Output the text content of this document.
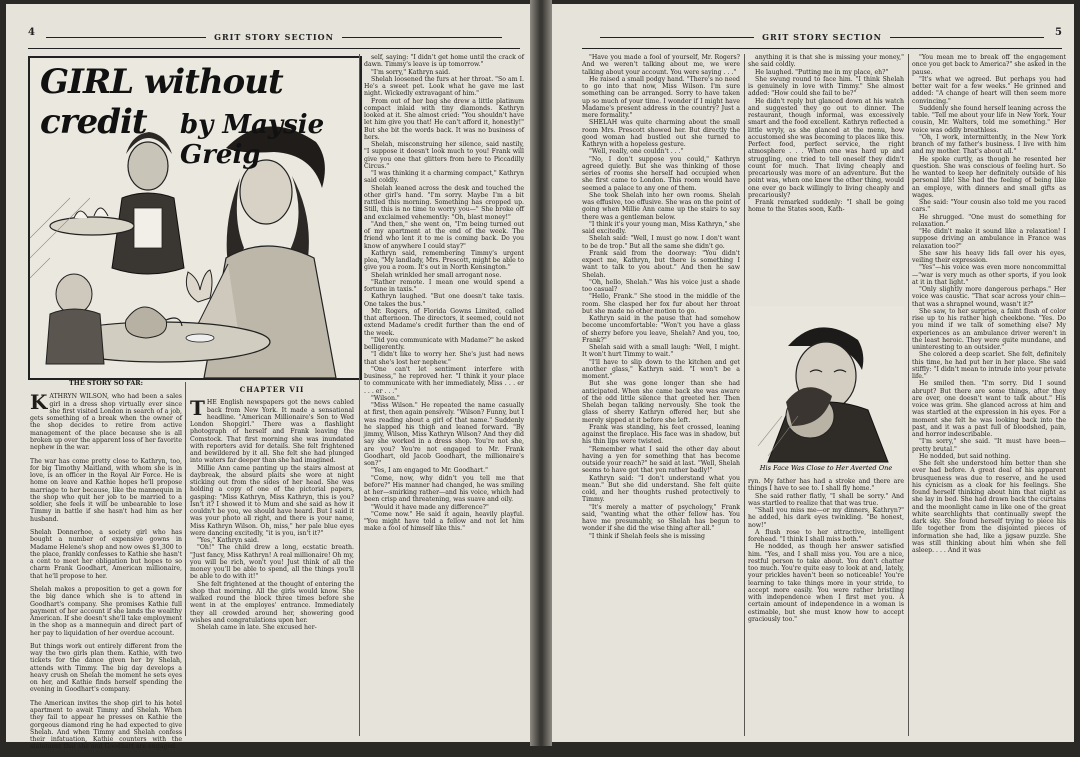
4	GRIT STORY SECTION
GIRL without credit	by Maysie Greig
THE STORY SO FAR:

KATHRYN WILSON, who had been a sales girl in a dress shop virtually ever since she first visited London in search of a job, gets something of a break when the owner of the shop decides to retire from active management of the place because she is all broken up over the apparent loss of her favorite nephew in the war.

The war has come pretty close to Kathryn, too, for big Timothy Maitland, with whom she is in love, is an officer in the Royal Air Force. He is home on leave and Kathie hopes he'll propose marriage to her because, like the mannequin in the shop who quit her job to be married to a soldier, she feels it will be unbearable to lose Timmy in battle if she hasn't had him as her husband.

Shelah Donnerhoe, a society girl who has bought a number of expensive gowns in Madame Helene's shop and now owes $1,300 to the place, frankly confesses to Kathie she hasn't a cent to meet her obligation but hopes to so charm Frank Goodhart, American millionaire, that he'll propose to her.

Shelah makes a proposition to get a gown for the big dance which she is to attend in Goodhart's company. She promises Kathie full payment of her account if she lands the wealthy American. If she doesn't she'll take employment in the shop as a mannequin and direct part of her pay to liquidation of her overdue account.

But things work out entirely different from the way the two girls plan them. Kathie, with two tickets for the dance given her by Shelah, attends with Timmy. The big day develops a heavy crush on Shelah the moment he sets eyes on her, and Kathie finds herself spending the evening in Goodhart's company.

The American invites the shop girl to his hotel apartment to await Timmy and Shelah. When they fail to appear he presses on Kathie the gorgeous diamond ring he had expected to give Shelah. And when Timmy and Shelah confess their infatuation, Kathie counters with the statement that she and Goodhart are engaged.

CHAPTER VII

THE English newspapers got the news cabled back from New York. It made a sensational headline. "American Millionaire's Son to Wed London Shopgirl." There was a flashlight photograph of herself and Frank leaving the Comstock. That first morning she was inundated with reporters avid for details. She felt frightened and bewildered by it all. She felt she had plunged into waters far deeper than she had imagined.

Millie Ann came panting up the stairs almost at daybreak, the absurd plaits she wore at night sticking out from the sides of her head. She was holding a copy of one of the pictorial papers, gasping: "Miss Kathryn, Miss Kathryn, this is you? Isn't it? I showed it to Mum and she said as how it couldn't be you, we should have heard. But I said it was your photo all right, and there is your name, Miss Kathryn Wilson. Oh, miss," her pale blue eyes were dancing excitedly, "it is you, isn't it?"

"Yes," Kathryn said.

"Oh!" The child drew a long, ecstatic breath. "Just fancy, Miss Kathryn! A real millionaire! Oh my, you will be rich, won't you! Just think of all the money you'll be able to spend, all the things you'll be able to do with it!"

She felt frightened at the thought of entering the shop that morning. All the girls would know. She walked round the block three times before she went in at the employes' entrance. Immediately they all crowded around her, showering good wishes and congratulations upon her.

Shelah came in late. She excused her-

self, saying: "I didn't get home until the crack of dawn. Timmy's leave is up tomorrow."

"I'm sorry," Kathryn said.

Shelah loosened the furs at her throat. "So am I. He's a sweet pet. Look what he gave me last night. Wickedly extravagant of him."

From out of her bag she drew a little platinum compact inlaid with tiny diamonds. Kathryn looked at it. She almost cried: "You shouldn't have let him give you that! He can't afford it, honestly!" But she bit the words back. It was no business of hers.

Shelah, misconstruing her silence, said nastily, "I suppose it doesn't look much to you! Frank will give you one that glitters from here to Piccadilly Circus."

"I was thinking it a charming compact," Kathryn said coldly.

Shelah leaned across the desk and touched the other girl's hand. "I'm sorry. Maybe I'm a bit rattled this morning. Something has cropped up. Still, this is no time to worry you—" She broke off and exclaimed vehemently: "Oh, blast money!"

"And then," she went on, "I'm being turned out of my apartment at the end of the week. The friend who lent it to me is coming back. Do you know of anywhere I could stay?"

Kathryn said, remembering Timmy's urgent plea, "My landlady, Mrs. Prescott, might be able to give you a room. It's out in North Kensington."

Shelah wrinkled her small arrogant nose.

"Rather remote. I mean one would spend a fortune in taxis."

Kathryn laughed. "But one doesn't take taxis. One takes the bus."

Mr. Rogers, of Florida Gowns Limited, called that afternoon. The directors, it seemed, could not extend Madame's credit further than the end of the week.

"Did you communicate with Madame?" he asked belligerently.

"I didn't like to worry her. She's just had news that she's lost her nephew."

"One can't let sentiment interfere with business," he reproved her. "I think it your place to communicate with her immediately, Miss . . . er . . . er . . ."

"Wilson."

"Miss Wilson." He repeated the name casually at first, then again pensively. "Wilson? Funny, but I was reading about a girl of that name." Suddenly he slapped his thigh and leaned forward. "By jimmy, Wilson, Miss Kathryn Wilson? And they did say she worked in a dress shop. You're not she, are you? You're not engaged to Mr. Frank Goodhart, old Jacob Goodhart, the millionaire's son?"

"Yes, I am engaged to Mr. Goodhart."

"Come, now, why didn't you tell me that before?" His manner had changed, he was smiling at her—smirking rather—and his voice, which had been crisp and threatening, was suave and oily.

"Would it have made any difference?"

"Come now." He said it again, heavily playful. "You might have told a fellow and not let him make a fool of himself like this."

5
GRIT STORY SECTION

"Have you made a fool of yourself, Mr. Rogers? And we weren't talking about me, we were talking about your account. You were saying . . ."

He raised a small podgy hand. "There's no need to go into that now, Miss Wilson. I'm sure something can be arranged. Sorry to have taken up so much of your time. I wonder if I might have Madame's present address in the country? Just a mere formality."

SHELAH was quite charming about the small room Mrs. Prescott showed her. But directly the good woman had bustled out she turned to Kathryn with a hopeless gesture.

"Well, really, one couldn't . . ."

"No, I don't suppose you could," Kathryn agreed quietly. But she was thinking of those series of rooms she herself had occupied when she first came to London. This room would have seemed a palace to any one of them.

She took Shelah into her own rooms. Shelah was effusive, too effusive. She was on the point of going when Millie Ann came up the stairs to say there was a gentleman below.

"I think it's your young man, Miss Kathryn," she said excitedly.

Shelah said: "Well, I must go now. I don't want to be de trop." But all the same she didn't go.

Frank said from the doorway: "You didn't expect me, Kathryn, but there is something I want to talk to you about." And then he saw Shelah.

"Oh, hello, Shelah." Was his voice just a shade too casual?

"Hello, Frank." She stood in the middle of the room. She clasped her fox fur about her throat but she made no other motion to go.

Kathryn said in the pause that had somehow become uncomfortable: "Won't you have a glass of sherry before you leave, Shelah? And you, too, Frank?"

Shelah said with a small laugh: "Well, I might. It won't hurt Timmy to wait."

"I'll have to slip down to the kitchen and get another glass," Kathryn said. "I won't be a moment."

But she was gone longer than she had anticipated. When she came back she was aware of the odd little silence that greeted her. Then Shelah began talking nervously. She took the glass of sherry Kathryn offered her, but she merely sipped at it before she left.

Frank was standing, his feet crossed, leaning against the fireplace. His face was in shadow, but his thin lips were twisted.

"Remember what I said the other day about having a yen for something that has become outside your reach?" he said at last. "Well, Shelah seems to have got that yen rather badly!"

Kathryn said: "I don't understand what you mean." But she did understand. She felt quite cold, and her thoughts rushed protectively to Timmy.

"It's merely a matter of psychology," Frank said, "wanting what the other fellow has. You have me presumably, so Shelah has begun to wonder if she did the wise thing after all."

"I think if Shelah feels she is missing

anything it is that she is missing your money," she said coldly.

He laughed. "Putting me in my place, eh?"

She swung round to face him. "I think Shelah is genuinely in love with Timmy." She almost added: "How could she fail to be?"

He didn't reply but glanced down at his watch and suggested they go out to dinner. The restaurant, though informal, was excessively smart and the food excellent. Kathryn reflected a little wryly, as she glanced at the menu, how accustomed she was becoming to places like this. Perfect food, perfect service, the right atmosphere . . . When one was hard up and struggling, one tried to tell oneself they didn't count for much. That living cheaply and precariously was more of an adventure. But the point was, when one knew the other thing, would one ever go back willingly to living cheaply and precariously?

Frank remarked suddenly: "I shall be going home to the States soon, Kath-

His Face Was Close to Her Averted One

ryn. My father has had a stroke and there are things I have to see to. I shall fly home."

She said rather flatly, "I shall be sorry." And was startled to realize that that was true.

"Shall you miss me—or my dinners, Kathryn?" he added, his dark eyes twinkling. "Be honest, now!"

A flush rose to her attractive, intelligent forehead. "I think I shall miss both."

He nodded, as though her answer satisfied him. "Yes, and I shall miss you. You are a nice, restful person to take about. You don't chatter too much. You're quite easy to look at and, lately, your prickles haven't been so noticeable! You're learning to take things more in your stride, to accept more easily. You were rather bristling with independence when I first met you. A certain amount of independence in a woman is estimable, but she must know how to accept graciously too."

"You mean me to break off the engagement once you get back to America?" she asked in the pause.

"It's what we agreed. But perhaps you had better wait for a few weeks." He grinned and added: "A change of heart will then seem more convincing."

Suddenly she found herself leaning across the table. "Tell me about your life in New York. Your cousin, Mr. Walters, told me something." Her voice was oddly breathless.

"Oh, I work, intermittently, in the New York branch of my father's business. I live with him and my mother. That's about all."

He spoke curtly, as though he resented her question. She was conscious of feeling hurt. So he wanted to keep her definitely outside of his personal life! She had the feeling of being like an employe, with dinners and small gifts as wages.

She said: "Your cousin also told me you raced cars."

He shrugged. "One must do something for relaxation."

"He didn't make it sound like a relaxation! I suppose driving an ambulance in France was relaxation too?"

She saw his heavy lids fall over his eyes, veiling their expression.

"Yes"—his voice was even more noncommittal—"war is very much as other sports, if you look at it in that light."

"Only slightly more dangerous perhaps." Her voice was caustic. "That scar across your chin—that was a shrapnel wound, wasn't it?"

She saw, to her surprise, a faint flush of color rise up to his rather high cheekbone. "Yes. Do you mind if we talk of something else? My experiences as an ambulance driver weren't in the least heroic. They were quite mundane, and uninteresting to an outsider."

She colored a deep scarlet. She felt, definitely this time, he had put her in her place. She said stiffly: "I didn't mean to intrude into your private life."

He smiled then. "I'm sorry. Did I sound abrupt? But there are some things, after they are over, one doesn't want to talk about." His voice was grim. She glanced across at him and was startled at the expression in his eyes. For a moment she felt he was looking back into the past, and it was a past full of bloodshed, pain, and horror indescribable.

"I'm sorry," she said. "It must have been—pretty brutal."

He nodded, but said nothing.

She felt she understood him better than she ever had before. A great deal of his apparent brusqueness was due to reserve, and he used his cynicism as a cloak for his feelings. She found herself thinking about him that night as she lay in bed. She had drawn back the curtains and the moonlight came in like one of the great white searchlights that continually swept the dark sky. She found herself trying to piece his life together from the disjointed pieces of information she had, like a jigsaw puzzle. She was still thinking about him when she fell asleep. . . . And it was
